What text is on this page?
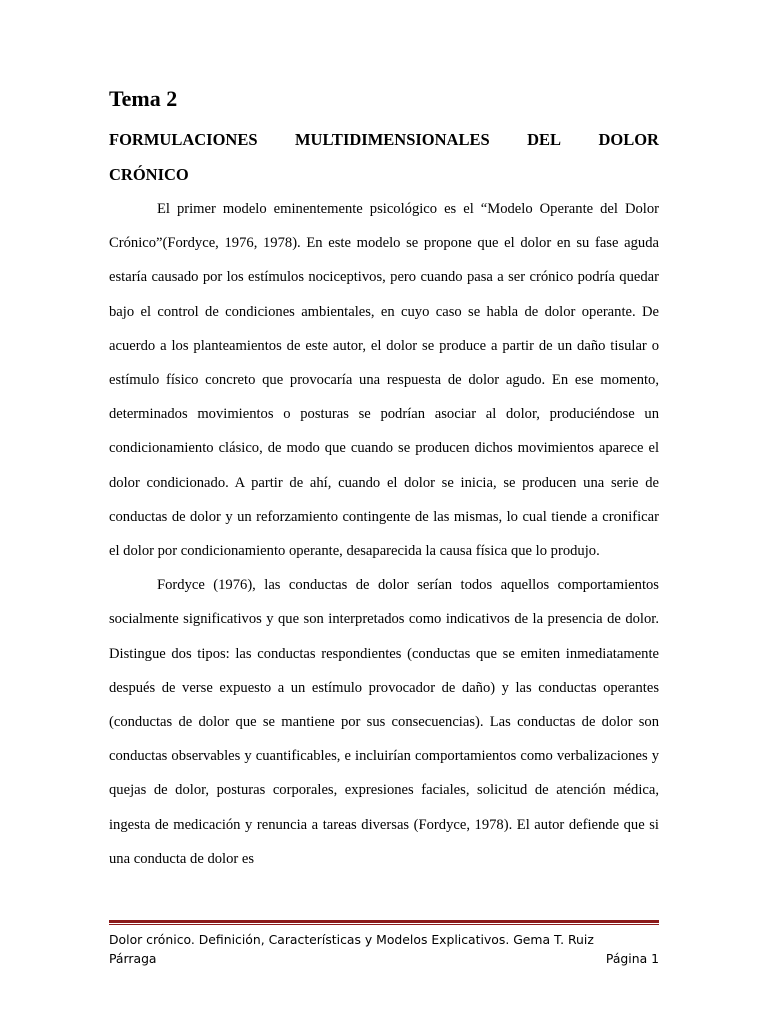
Tema 2
FORMULACIONES MULTIDIMENSIONALES DEL DOLOR
CRÓNICO

El primer modelo eminentemente psicológico es el “Modelo Operante del Dolor Crónico”(Fordyce, 1976, 1978). En este modelo se propone que el dolor en su fase aguda estaría causado por los estímulos nociceptivos, pero cuando pasa a ser crónico podría quedar bajo el control de condiciones ambientales, en cuyo caso se habla de dolor operante. De acuerdo a los planteamientos de este autor, el dolor se produce a partir de un daño tisular o estímulo físico concreto que provocaría una respuesta de dolor agudo. En ese momento, determinados movimientos o posturas se podrían asociar al dolor, produciéndose un condicionamiento clásico, de modo que cuando se producen dichos movimientos aparece el dolor condicionado. A partir de ahí, cuando el dolor se inicia, se producen una serie de conductas de dolor y un reforzamiento contingente de las mismas, lo cual tiende a cronificar el dolor por condicionamiento operante, desaparecida la causa física que lo produjo.

Fordyce (1976), las conductas de dolor serían todos aquellos comportamientos socialmente significativos y que son interpretados como indicativos de la presencia de dolor. Distingue dos tipos: las conductas respondientes (conductas que se emiten inmediatamente después de verse expuesto a un estímulo provocador de daño) y las conductas operantes (conductas de dolor que se mantiene por sus consecuencias). Las conductas de dolor son conductas observables y cuantificables, e incluirían comportamientos como verbalizaciones y quejas de dolor, posturas corporales, expresiones faciales, solicitud de atención médica, ingesta de medicación y renuncia a tareas diversas (Fordyce, 1978). El autor defiende que si una conducta de dolor es

Dolor crónico. Definición, Características y Modelos Explicativos. Gema T. Ruiz
Párraga	Página 1
